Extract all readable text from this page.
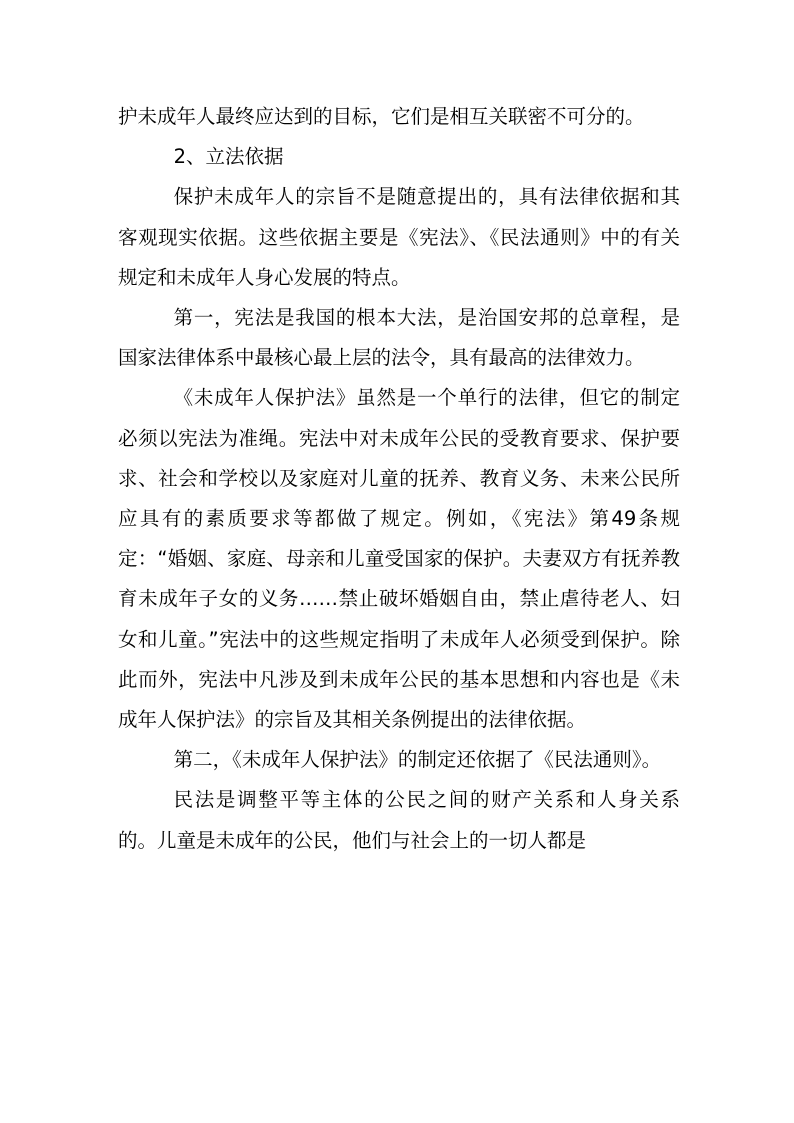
护未成年人最终应达到的目标，它们是相互关联密不可分的。

2、立法依据

保护未成年人的宗旨不是随意提出的，具有法律依据和其客观现实依据。这些依据主要是《宪法》、《民法通则》中的有关规定和未成年人身心发展的特点。

第一，宪法是我国的根本大法，是治国安邦的总章程，是国家法律体系中最核心最上层的法令，具有最高的法律效力。

《未成年人保护法》虽然是一个单行的法律，但它的制定必须以宪法为准绳。宪法中对未成年公民的受教育要求、保护要求、社会和学校以及家庭对儿童的抚养、教育义务、未来公民所应具有的素质要求等都做了规定。例如，《宪法》第49条规定：“婚姻、家庭、母亲和儿童受国家的保护。夫妻双方有抚养教育未成年子女的义务……禁止破坏婚姻自由，禁止虐待老人、妇女和儿童。”宪法中的这些规定指明了未成年人必须受到保护。除此而外，宪法中凡涉及到未成年公民的基本思想和内容也是《未成年人保护法》的宗旨及其相关条例提出的法律依据。

第二，《未成年人保护法》的制定还依据了《民法通则》。

民法是调整平等主体的公民之间的财产关系和人身关系的。儿童是未成年的公民，他们与社会上的一切人都是
